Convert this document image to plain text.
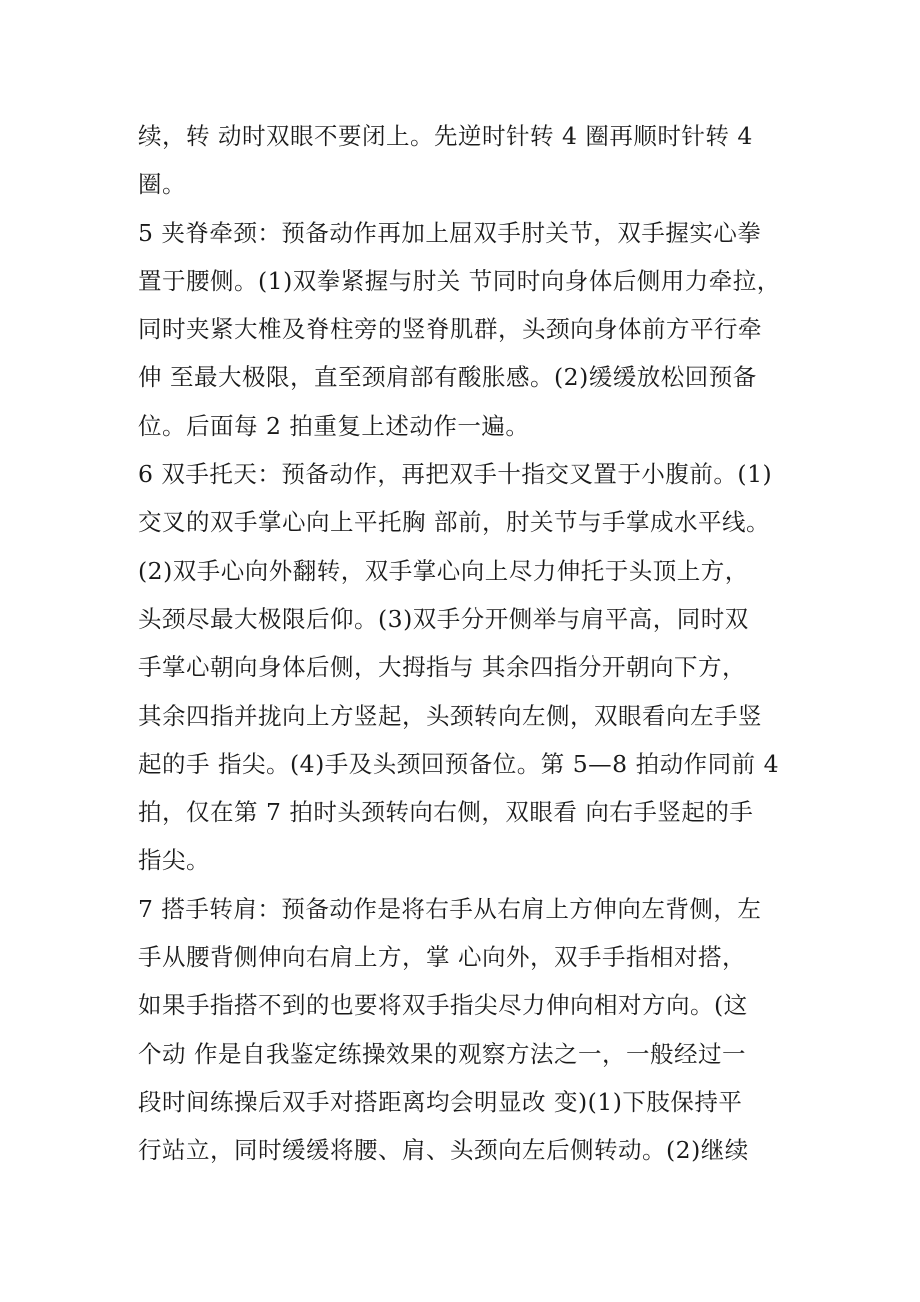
续，转 动时双眼不要闭上。先逆时针转 4 圈再顺时针转 4
圈。
5 夹脊牵颈：预备动作再加上屈双手肘关节，双手握实心拳
置于腰侧。(1)双拳紧握与肘关 节同时向身体后侧用力牵拉，
同时夹紧大椎及脊柱旁的竖脊肌群，头颈向身体前方平行牵
伸 至最大极限，直至颈肩部有酸胀感。(2)缓缓放松回预备
位。后面每 2 拍重复上述动作一遍。
6 双手托天：预备动作，再把双手十指交叉置于小腹前。(1)
交叉的双手掌心向上平托胸 部前，肘关节与手掌成水平线。
(2)双手心向外翻转，双手掌心向上尽力伸托于头顶上方，
头颈尽最大极限后仰。(3)双手分开侧举与肩平高，同时双
手掌心朝向身体后侧，大拇指与 其余四指分开朝向下方，
其余四指并拢向上方竖起，头颈转向左侧，双眼看向左手竖
起的手 指尖。(4)手及头颈回预备位。第 5—8 拍动作同前 4
拍，仅在第 7 拍时头颈转向右侧，双眼看 向右手竖起的手
指尖。
7 搭手转肩：预备动作是将右手从右肩上方伸向左背侧，左
手从腰背侧伸向右肩上方，掌 心向外，双手手指相对搭，
如果手指搭不到的也要将双手指尖尽力伸向相对方向。(这
个动 作是自我鉴定练操效果的观察方法之一，一般经过一
段时间练操后双手对搭距离均会明显改 变)(1)下肢保持平
行站立，同时缓缓将腰、肩、头颈向左后侧转动。(2)继续
